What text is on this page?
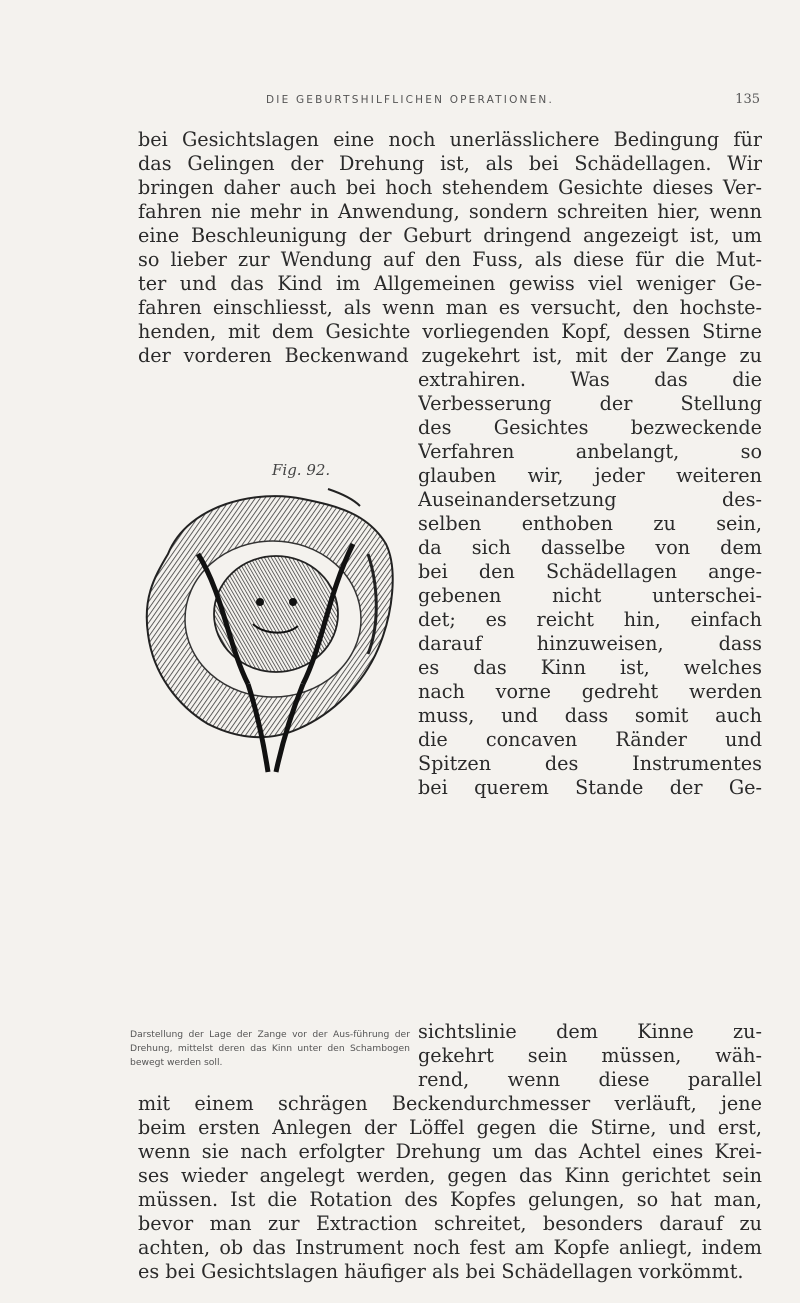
DIE GEBURTSHILFLICHEN OPERATIONEN.	135
bei Gesichtslagen eine noch unerlässlichere Bedingung für
das Gelingen der Drehung ist, als bei Schädellagen. Wir
bringen daher auch bei hoch stehendem Gesichte dieses Ver-
fahren nie mehr in Anwendung, sondern schreiten hier, wenn
eine Beschleunigung der Geburt dringend angezeigt ist, um
so lieber zur Wendung auf den Fuss, als diese für die Mut-
ter und das Kind im Allgemeinen gewiss viel weniger Ge-
fahren einschliesst, als wenn man es versucht, den hochste-
henden, mit dem Gesichte vorliegenden Kopf, dessen Stirne
der vorderen Beckenwand zugekehrt ist, mit der Zange zu
Fig. 92.
extrahiren. Was das die
Verbesserung der Stellung
des Gesichtes bezweckende
Verfahren anbelangt, so
glauben wir, jeder weiteren
Auseinandersetzung des-
selben enthoben zu sein,
da sich dasselbe von dem
bei den Schädellagen ange-
gebenen nicht unterschei-
det; es reicht hin, einfach
darauf hinzuweisen, dass
es das Kinn ist, welches
nach vorne gedreht werden
muss, und dass somit auch
die concaven Ränder und
Spitzen des Instrumentes
bei querem Stande der Ge-
sichtslinie dem Kinne zu-
gekehrt sein müssen, wäh-
rend, wenn diese parallel
Darstellung der Lage der Zange vor der Aus-führung der Drehung, mittelst deren das Kinn unter den Schambogen bewegt werden soll.
mit einem schrägen Beckendurchmesser verläuft, jene
beim ersten Anlegen der Löffel gegen die Stirne, und erst,
wenn sie nach erfolgter Drehung um das Achtel eines Krei-
ses wieder angelegt werden, gegen das Kinn gerichtet sein
müssen. Ist die Rotation des Kopfes gelungen, so hat man,
bevor man zur Extraction schreitet, besonders darauf zu
achten, ob das Instrument noch fest am Kopfe anliegt, indem
es bei Gesichtslagen häufiger als bei Schädellagen vorkömmt.
